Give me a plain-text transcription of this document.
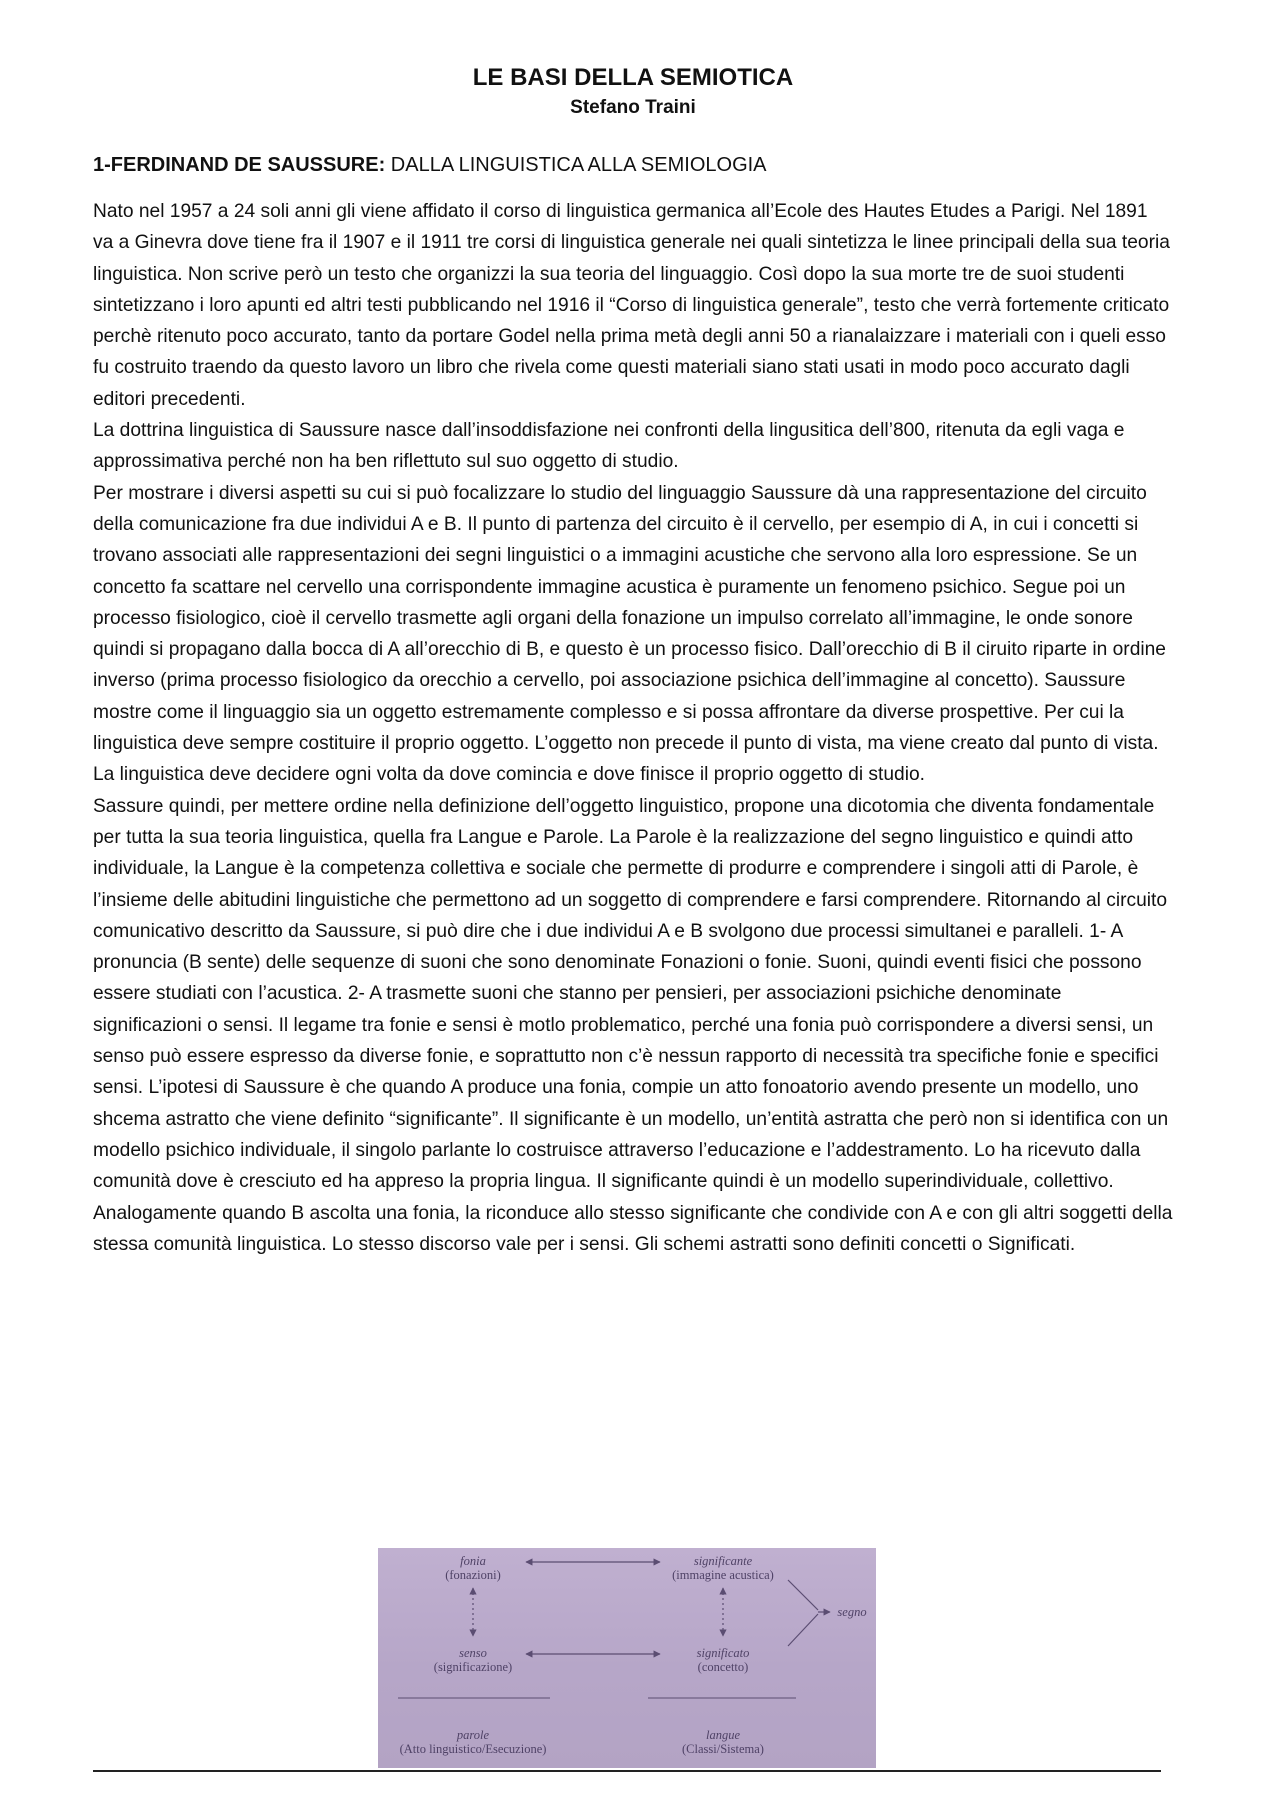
LE BASI DELLA SEMIOTICA
Stefano Traini
1-FERDINAND DE SAUSSURE: DALLA LINGUISTICA ALLA SEMIOLOGIA

Nato nel 1957 a 24 soli anni gli viene affidato il corso di linguistica germanica all’Ecole des Hautes Etudes a Parigi. Nel 1891 va a Ginevra dove tiene fra il 1907 e il 1911 tre corsi di linguistica generale nei quali sintetizza le linee principali della sua teoria linguistica. Non scrive però un testo che organizzi la sua teoria del linguaggio. Così dopo la sua morte tre de suoi studenti sintetizzano i loro apunti ed altri testi pubblicando nel 1916 il “Corso di linguistica generale”, testo che verrà fortemente criticato perchè ritenuto poco accurato, tanto da portare Godel nella prima metà degli anni 50 a rianalaizzare i materiali con i queli esso fu costruito traendo da questo lavoro un libro che rivela come questi materiali siano stati usati in modo poco accurato dagli editori precedenti.

La dottrina linguistica di Saussure nasce dall’insoddisfazione nei confronti della lingusitica dell’800, ritenuta da egli vaga e approssimativa perché non ha ben riflettuto sul suo oggetto di studio.

Per mostrare i diversi aspetti su cui si può focalizzare lo studio del linguaggio Saussure dà una rappresentazione del circuito della comunicazione fra due individui A e B. Il punto di partenza del circuito è il cervello, per esempio di A, in cui i concetti si trovano associati alle rappresentazioni dei segni linguistici o a immagini acustiche che servono alla loro espressione. Se un concetto fa scattare nel cervello una corrispondente immagine acustica è puramente un fenomeno psichico. Segue poi un processo fisiologico, cioè il cervello trasmette agli organi della fonazione un impulso correlato all’immagine, le onde sonore quindi si propagano dalla bocca di A all’orecchio di B, e questo è un processo fisico. Dall’orecchio di B il ciruito riparte in ordine inverso (prima processo fisiologico da orecchio a cervello, poi associazione psichica dell’immagine al concetto). Saussure mostre come il linguaggio sia un oggetto estremamente complesso e si possa affrontare da diverse prospettive. Per cui la linguistica deve sempre costituire il proprio oggetto. L’oggetto non precede il punto di vista, ma viene creato dal punto di vista. La linguistica deve decidere ogni volta da dove comincia e dove finisce il proprio oggetto di studio.

Sassure quindi, per mettere ordine nella definizione dell’oggetto linguistico, propone una dicotomia che diventa fondamentale per tutta la sua teoria linguistica, quella fra Langue e Parole. La Parole è la realizzazione del segno linguistico e quindi atto individuale, la Langue è la competenza collettiva e sociale che permette di produrre e comprendere i singoli atti di Parole, è l’insieme delle abitudini linguistiche che permettono ad un soggetto di comprendere e farsi comprendere. Ritornando al circuito comunicativo descritto da Saussure, si può dire che i due individui A e B svolgono due processi simultanei e paralleli. 1- A pronuncia (B sente) delle sequenze di suoni che sono denominate Fonazioni o fonie. Suoni, quindi eventi fisici che possono essere studiati con l’acustica. 2- A trasmette suoni che stanno per pensieri, per associazioni psichiche denominate significazioni o sensi. Il legame tra fonie e sensi è motlo problematico, perché una fonia può corrispondere a diversi sensi, un senso può essere espresso da diverse fonie, e soprattutto non c’è nessun rapporto di necessità tra specifiche fonie e specifici sensi. L’ipotesi di Saussure è che quando A produce una fonia, compie un atto fonoatorio avendo presente un modello, uno shcema astratto che viene definito “significante”. Il significante è un modello, un’entità astratta che però non si identifica con un modello psichico individuale, il singolo parlante lo costruisce attraverso l’educazione e l’addestramento. Lo ha ricevuto dalla comunità dove è cresciuto ed ha appreso la propria lingua. Il significante quindi è un modello superindividuale, collettivo. Analogamente quando B ascolta una fonia, la riconduce allo stesso significante che condivide con A e con gli altri soggetti della stessa comunità linguistica. Lo stesso discorso vale per i sensi. Gli schemi astratti sono definiti concetti o Significati.

fonia
(fonazioni)
significante
(immagine acustica)
segno
senso
(significazione)
significato
(concetto)
parole
(Atto linguistico/Esecuzione)
langue
(Classi/Sistema)
